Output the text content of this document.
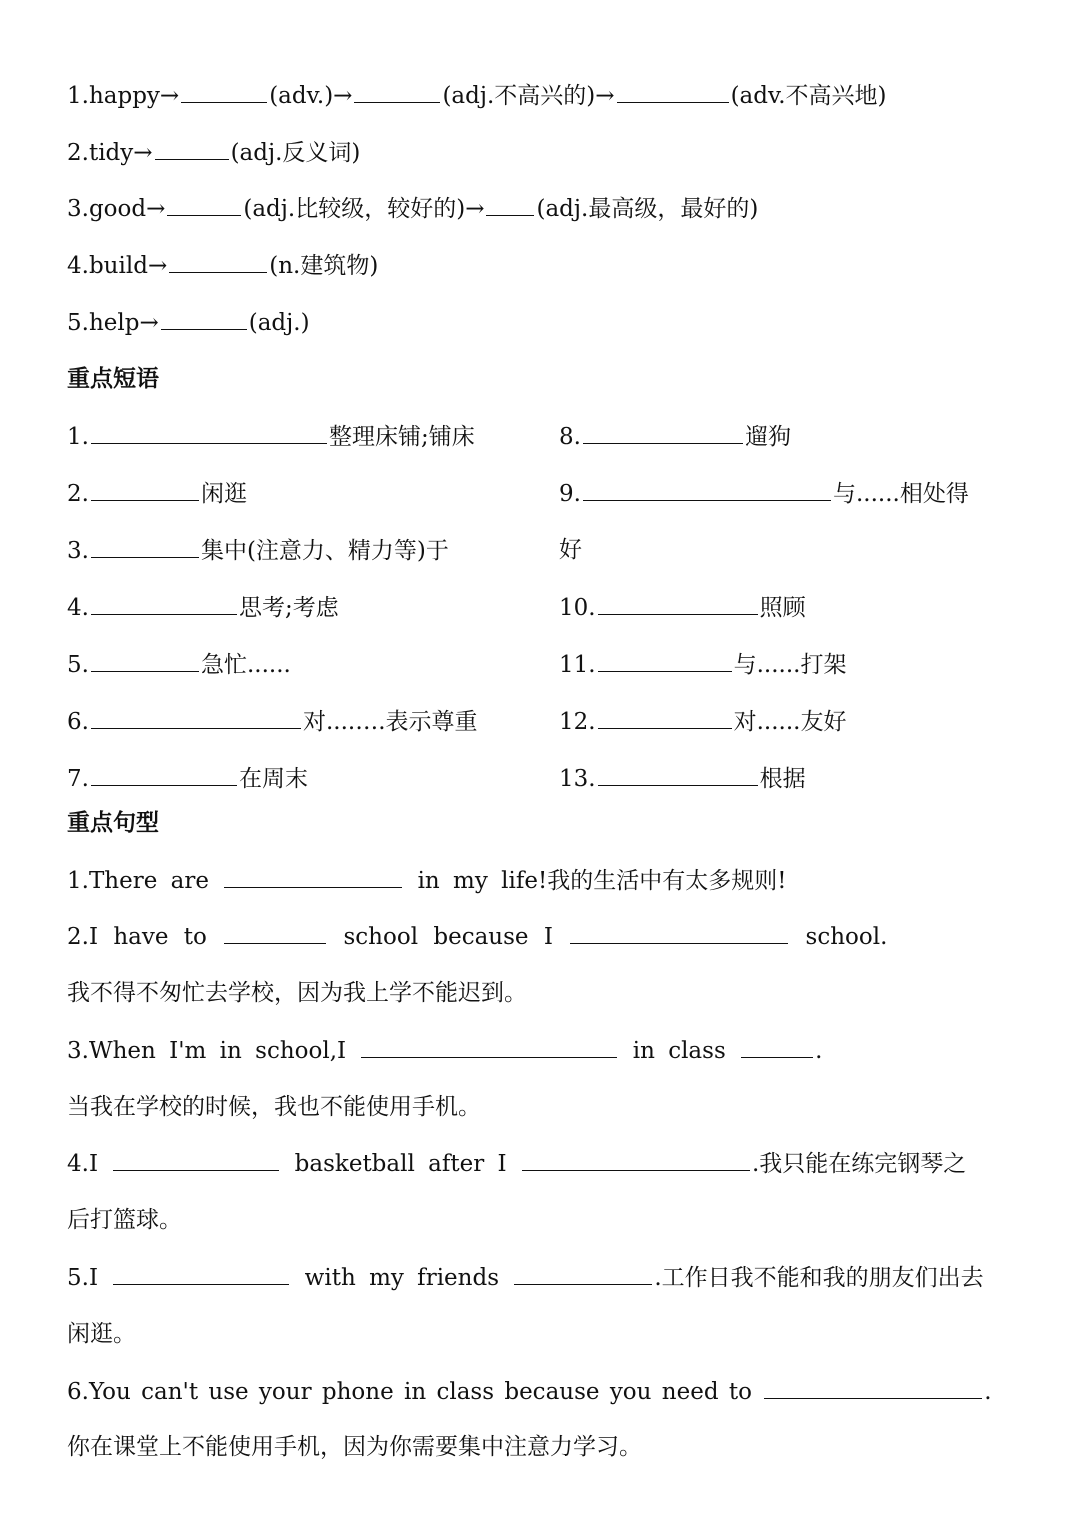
1.happy→	(adv.)→	(adj.不高兴的)→	(adv.不高兴地)
2.tidy→	(adj.反义词)
3.good→	(adj.比较级，较好的)→ (adj.最高级，最好的)
4.build→	(n.建筑物)
5.help→	(adj.)
重点短语
1.	整理床铺;铺床
2.	闲逛
3.	集中(注意力、精力等)于
4.	思考;考虑
5.	急忙......
6.	对....….表示尊重
7.	在周末
8.	遛狗
9.	与......相处得
好
10.	照顾
11.	与......打架
12.	对......友好
13.	根据
重点句型
1.There are	in my life!我的生活中有太多规则!
2.I have to	school because I	school.
我不得不匆忙去学校，因为我上学不能迟到。
3.When I'm in school,I	in class	.
当我在学校的时候，我也不能使用手机。
4.I	basketball after I	.我只能在练完钢琴之
后打篮球。
5.I	with my friends	.工作日我不能和我的朋友们出去
闲逛。
6.You can't use your phone in class because you need to	.
你在课堂上不能使用手机，因为你需要集中注意力学习。
